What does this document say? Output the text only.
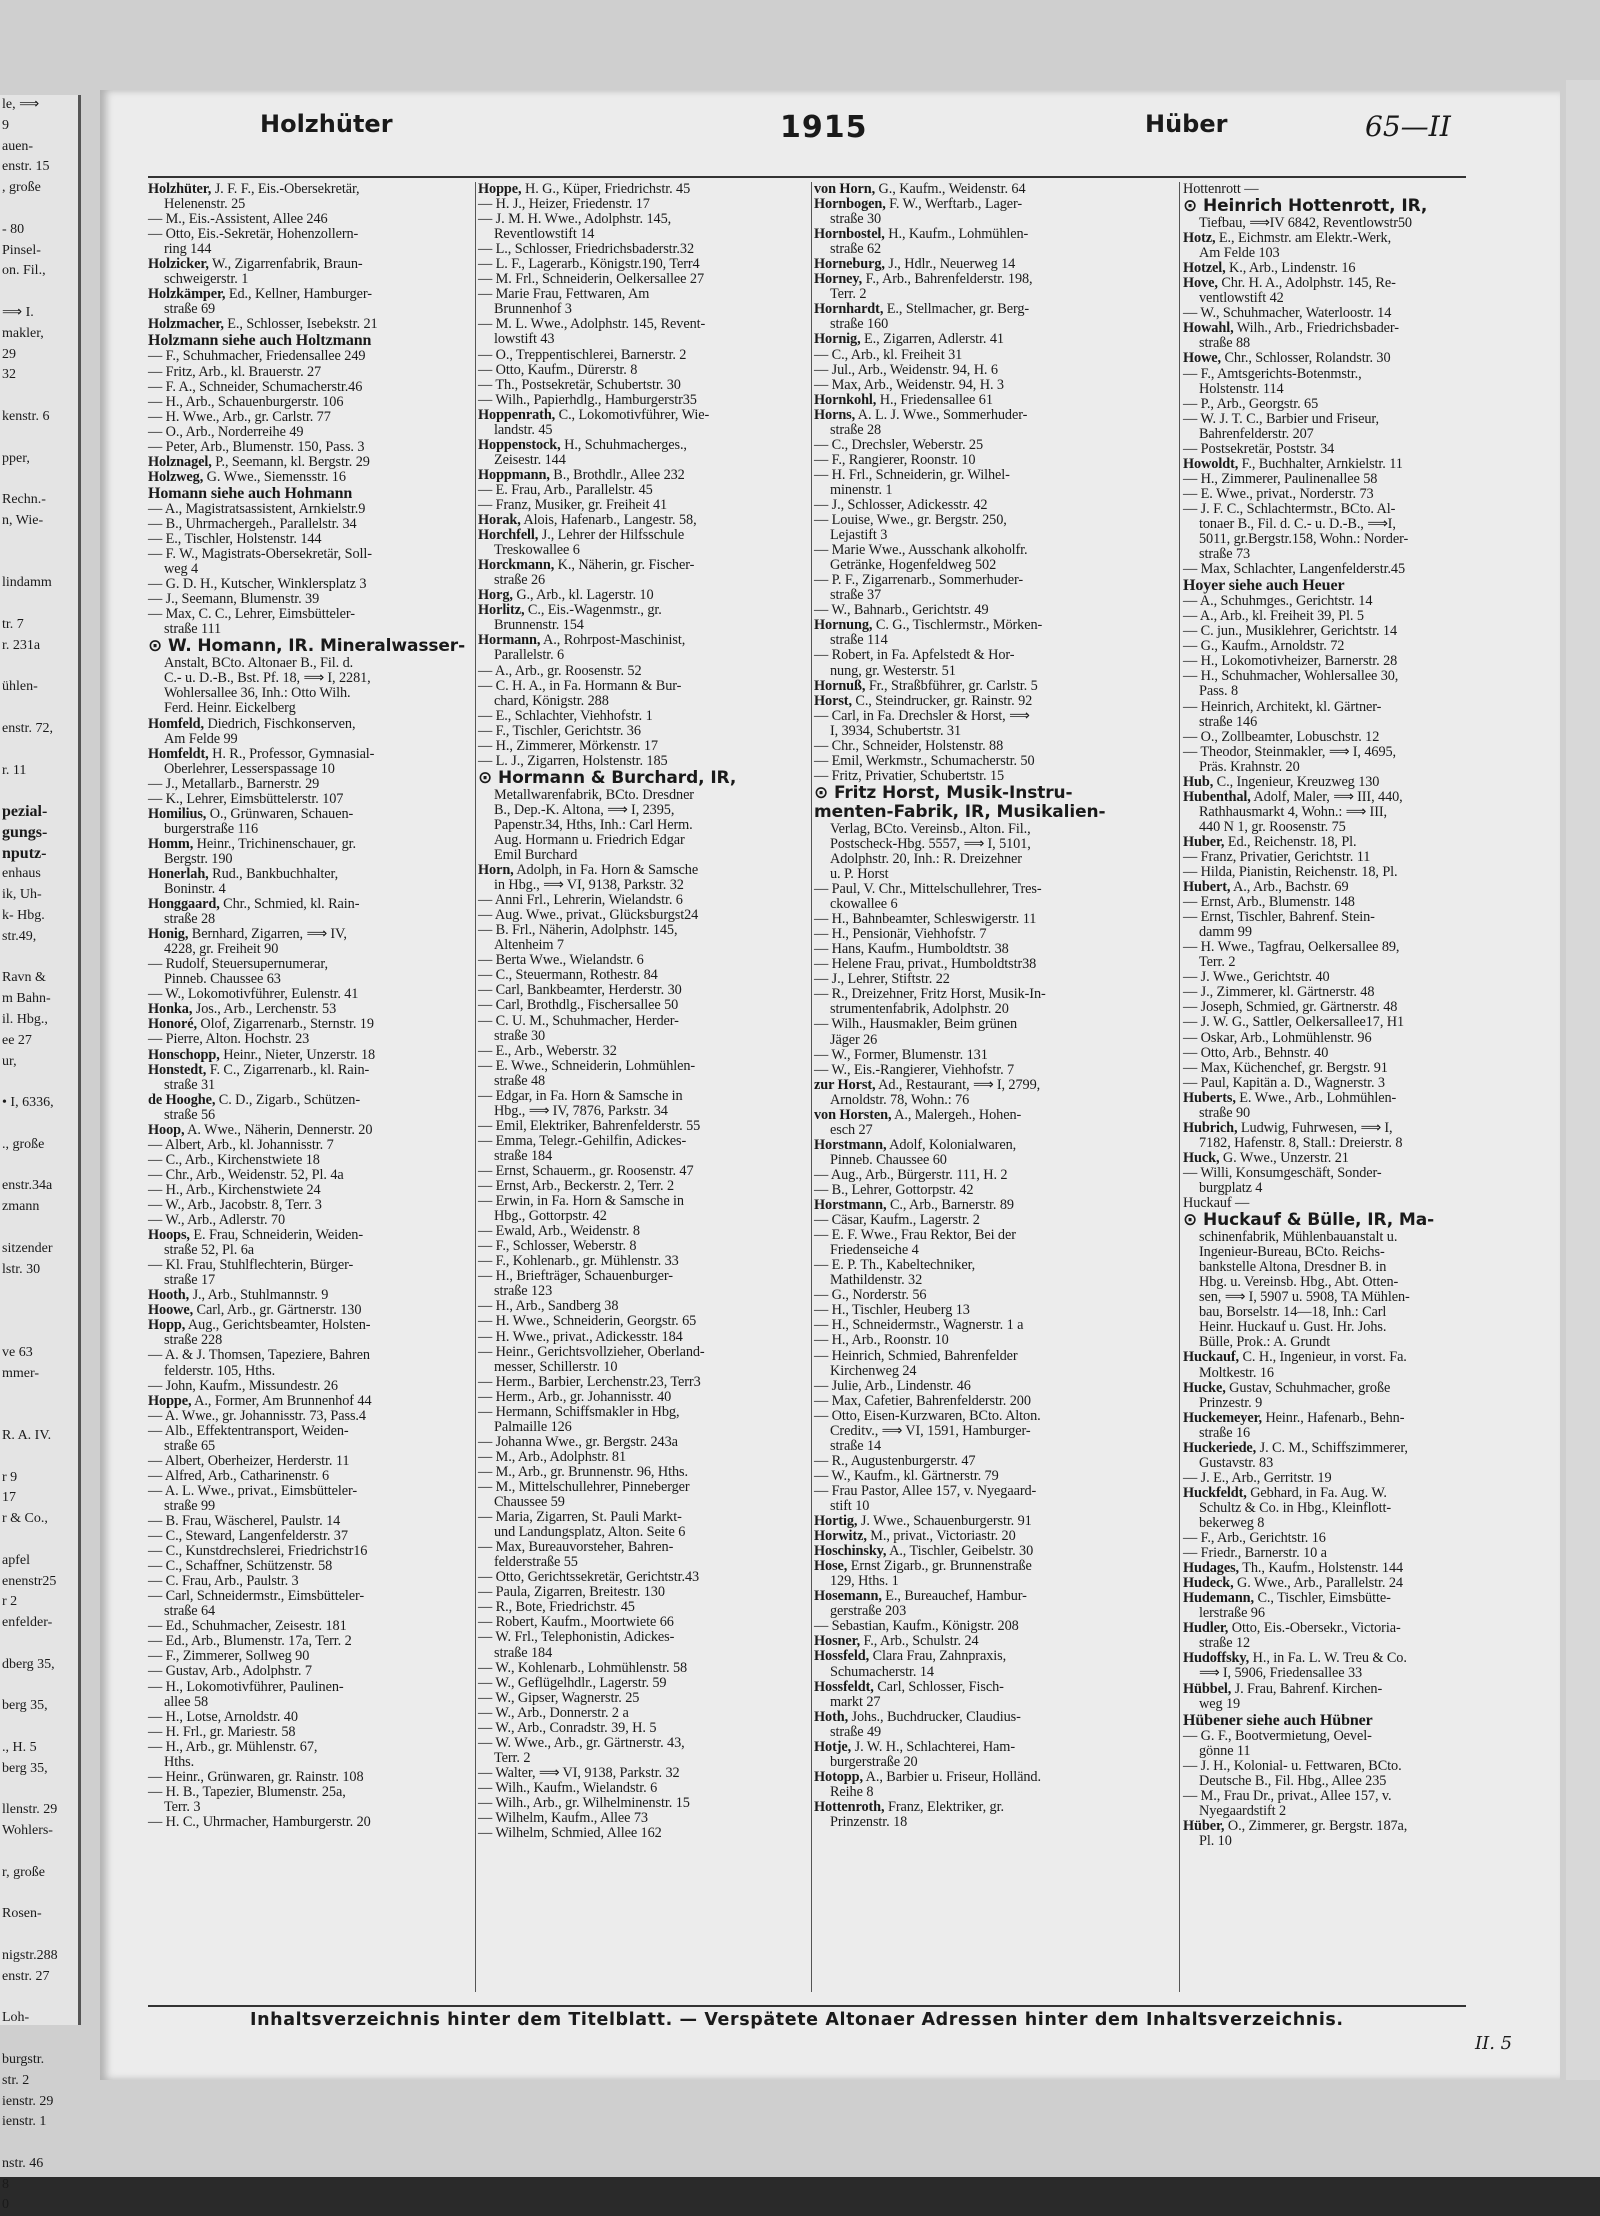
le, ⟹
9
auen-
enstr. 15
, große

- 80
Pinsel-
on. Fil.,

⟹ I.
makler,
29
32

kenstr. 6

pper,

Rechn.-
n, Wie-

lindamm

tr. 7
r. 231a

ühlen-

enstr. 72,

r. 11

pezial-
gungs-
nputz-
enhaus
ik, Uh-
k- Hbg.
str.49,

Ravn &
m Bahn-
il. Hbg.,
ee 27
ur,

• I, 6336,

., große

enstr.34a
zmann

sitzender
lstr. 30

ve 63
mmer-

R. A. IV.

r 9
17
r & Co.,

apfel
enenstr25
r 2
enfelder-

dberg 35,

berg 35,

., H. 5
berg 35,

llenstr. 29
Wohlers-

r, große

Rosen-

nigstr.288
enstr. 27

Loh-

burgstr.
str. 2
ienstr. 29
ienstr. 1

nstr. 46
8
0
Holzhüter	1915	Hüber	65—II
Holzhüter, J. F. F., Eis.-Obersekretär,
Helenenstr. 25
— M., Eis.-Assistent, Allee 246
— Otto, Eis.-Sekretär, Hohenzollern-
ring 144
Holzicker, W., Zigarrenfabrik, Braun-
schweigerstr. 1
Holzkämper, Ed., Kellner, Hamburger-
straße 69
Holzmacher, E., Schlosser, Isebekstr. 21
Holzmann siehe auch Holtzmann
— F., Schuhmacher, Friedensallee 249
— Fritz, Arb., kl. Brauerstr. 27
— F. A., Schneider, Schumacherstr.46
— H., Arb., Schauenburgerstr. 106
— H. Wwe., Arb., gr. Carlstr. 77
— O., Arb., Norderreihe 49
— Peter, Arb., Blumenstr. 150, Pass. 3
Holznagel, P., Seemann, kl. Bergstr. 29
Holzweg, G. Wwe., Siemensstr. 16
Homann siehe auch Hohmann
— A., Magistratsassistent, Arnkielstr.9
— B., Uhrmachergeh., Parallelstr. 34
— E., Tischler, Holstenstr. 144
— F. W., Magistrats-Obersekretär, Soll-
weg 4
— G. D. H., Kutscher, Winklersplatz 3
— J., Seemann, Blumenstr. 39
— Max, C. C., Lehrer, Eimsbütteler-
straße 111
⊙ W. Homann, IR. Mineralwasser-
Anstalt, BCto. Altonaer B., Fil. d.
C.- u. D.-B., Bst. Pf. 18, ⟹ I, 2281,
Wohlersallee 36, Inh.: Otto Wilh.
Ferd. Heinr. Eickelberg
Homfeld, Diedrich, Fischkonserven,
Am Felde 99
Homfeldt, H. R., Professor, Gymnasial-
Oberlehrer, Lesserspassage 10
— J., Metallarb., Barnerstr. 29
— K., Lehrer, Eimsbüttelerstr. 107
Homilius, O., Grünwaren, Schauen-
burgerstraße 116
Homm, Heinr., Trichinenschauer, gr.
Bergstr. 190
Honerlah, Rud., Bankbuchhalter,
Boninstr. 4
Honggaard, Chr., Schmied, kl. Rain-
straße 28
Honig, Bernhard, Zigarren, ⟹ IV,
4228, gr. Freiheit 90
— Rudolf, Steuersupernumerar,
Pinneb. Chaussee 63
— W., Lokomotivführer, Eulenstr. 41
Honka, Jos., Arb., Lerchenstr. 53
Honoré, Olof, Zigarrenarb., Sternstr. 19
— Pierre, Alton. Hochstr. 23
Honschopp, Heinr., Nieter, Unzerstr. 18
Honstedt, F. C., Zigarrenarb., kl. Rain-
straße 31
de Hooghe, C. D., Zigarb., Schützen-
straße 56
Hoop, A. Wwe., Näherin, Dennerstr. 20
— Albert, Arb., kl. Johannisstr. 7
— C., Arb., Kirchenstwiete 18
— Chr., Arb., Weidenstr. 52, Pl. 4a
— H., Arb., Kirchenstwiete 24
— W., Arb., Jacobstr. 8, Terr. 3
— W., Arb., Adlerstr. 70
Hoops, E. Frau, Schneiderin, Weiden-
straße 52, Pl. 6a
— Kl. Frau, Stuhlflechterin, Bürger-
straße 17
Hooth, J., Arb., Stuhlmannstr. 9
Hoowe, Carl, Arb., gr. Gärtnerstr. 130
Hopp, Aug., Gerichtsbeamter, Holsten-
straße 228
— A. & J. Thomsen, Tapeziere, Bahren
felderstr. 105, Hths.
— John, Kaufm., Missundestr. 26
Hoppe, A., Former, Am Brunnenhof 44
— A. Wwe., gr. Johannisstr. 73, Pass.4
— Alb., Effektentransport, Weiden-
straße 65
— Albert, Oberheizer, Herderstr. 11
— Alfred, Arb., Catharinenstr. 6
— A. L. Wwe., privat., Eimsbütteler-
straße 99
— B. Frau, Wäscherel, Paulstr. 14
— C., Steward, Langenfelderstr. 37
— C., Kunstdrechslerei, Friedrichstr16
— C., Schaffner, Schützenstr. 58
— C. Frau, Arb., Paulstr. 3
— Carl, Schneidermstr., Eimsbütteler-
straße 64
— Ed., Schuhmacher, Zeisestr. 181
— Ed., Arb., Blumenstr. 17a, Terr. 2
— F., Zimmerer, Sollweg 90
— Gustav, Arb., Adolphstr. 7
— H., Lokomotivführer, Paulinen-
allee 58
— H., Lotse, Arnoldstr. 40
— H. Frl., gr. Mariestr. 58
— H., Arb., gr. Mühlenstr. 67,
Hths.
— Heinr., Grünwaren, gr. Rainstr. 108
— H. B., Tapezier, Blumenstr. 25a,
Terr. 3
— H. C., Uhrmacher, Hamburgerstr. 20
Hoppe, H. G., Küper, Friedrichstr. 45
— H. J., Heizer, Friedenstr. 17
— J. M. H. Wwe., Adolphstr. 145,
Reventlowstift 14
— L., Schlosser, Friedrichsbaderstr.32
— L. F., Lagerarb., Königstr.190, Terr4
— M. Frl., Schneiderin, Oelkersallee 27
— Marie Frau, Fettwaren, Am
Brunnenhof 3
— M. L. Wwe., Adolphstr. 145, Revent-
lowstift 43
— O., Treppentischlerei, Barnerstr. 2
— Otto, Kaufm., Dürerstr. 8
— Th., Postsekretär, Schubertstr. 30
— Wilh., Papierhdlg., Hamburgerstr35
Hoppenrath, C., Lokomotivführer, Wie-
landstr. 45
Hoppenstock, H., Schuhmacherges.,
Zeisestr. 144
Hoppmann, B., Brothdlr., Allee 232
— E. Frau, Arb., Parallelstr. 45
— Franz, Musiker, gr. Freiheit 41
Horak, Alois, Hafenarb., Langestr. 58,
Horchfell, J., Lehrer der Hilfsschule
Treskowallee 6
Horckmann, K., Näherin, gr. Fischer-
straße 26
Horg, G., Arb., kl. Lagerstr. 10
Horlitz, C., Eis.-Wagenmstr., gr.
Brunnenstr. 154
Hormann, A., Rohrpost-Maschinist,
Parallelstr. 6
— A., Arb., gr. Roosenstr. 52
— C. H. A., in Fa. Hormann & Bur-
chard, Königstr. 288
— E., Schlachter, Viehhofstr. 1
— F., Tischler, Gerichtstr. 36
— H., Zimmerer, Mörkenstr. 17
— L. J., Zigarren, Holstenstr. 185
⊙ Hormann & Burchard, IR,
Metallwarenfabrik, BCto. Dresdner
B., Dep.-K. Altona, ⟹ I, 2395,
Papenstr.34, Hths, Inh.: Carl Herm.
Aug. Hormann u. Friedrich Edgar
Emil Burchard
Horn, Adolph, in Fa. Horn & Samsche
in Hbg., ⟹ VI, 9138, Parkstr. 32
— Anni Frl., Lehrerin, Wielandstr. 6
— Aug. Wwe., privat., Glücksburgst24
— B. Frl., Näherin, Adolphstr. 145,
Altenheim 7
— Berta Wwe., Wielandstr. 6
— C., Steuermann, Rothestr. 84
— Carl, Bankbeamter, Herderstr. 30
— Carl, Brothdlg., Fischersallee 50
— C. U. M., Schuhmacher, Herder-
straße 30
— E., Arb., Weberstr. 32
— E. Wwe., Schneiderin, Lohmühlen-
straße 48
— Edgar, in Fa. Horn & Samsche in
Hbg., ⟹ IV, 7876, Parkstr. 34
— Emil, Elektriker, Bahrenfelderstr. 55
— Emma, Telegr.-Gehilfin, Adickes-
straße 184
— Ernst, Schauerm., gr. Roosenstr. 47
— Ernst, Arb., Beckerstr. 2, Terr. 2
— Erwin, in Fa. Horn & Samsche in
Hbg., Gottorpstr. 42
— Ewald, Arb., Weidenstr. 8
— F., Schlosser, Weberstr. 8
— F., Kohlenarb., gr. Mühlenstr. 33
— H., Briefträger, Schauenburger-
straße 123
— H., Arb., Sandberg 38
— H. Wwe., Schneiderin, Georgstr. 65
— H. Wwe., privat., Adickesstr. 184
— Heinr., Gerichtsvollzieher, Oberland-
messer, Schillerstr. 10
— Herm., Barbier, Lerchenstr.23, Terr3
— Herm., Arb., gr. Johannisstr. 40
— Hermann, Schiffsmakler in Hbg,
Palmaille 126
— Johanna Wwe., gr. Bergstr. 243a
— M., Arb., Adolphstr. 81
— M., Arb., gr. Brunnenstr. 96, Hths.
— M., Mittelschullehrer, Pinneberger
Chaussee 59
— Maria, Zigarren, St. Pauli Markt-
und Landungsplatz, Alton. Seite 6
— Max, Bureauvorsteher, Bahren-
felderstraße 55
— Otto, Gerichtssekretär, Gerichtstr.43
— Paula, Zigarren, Breitestr. 130
— R., Bote, Friedrichstr. 45
— Robert, Kaufm., Moortwiete 66
— W. Frl., Telephonistin, Adickes-
straße 184
— W., Kohlenarb., Lohmühlenstr. 58
— W., Geflügelhdlr., Lagerstr. 59
— W., Gipser, Wagnerstr. 25
— W., Arb., Donnerstr. 2 a
— W., Arb., Conradstr. 39, H. 5
— W. Wwe., Arb., gr. Gärtnerstr. 43,
Terr. 2
— Walter, ⟹ VI, 9138, Parkstr. 32
— Wilh., Kaufm., Wielandstr. 6
— Wilh., Arb., gr. Wilhelminenstr. 15
— Wilhelm, Kaufm., Allee 73
— Wilhelm, Schmied, Allee 162
von Horn, G., Kaufm., Weidenstr. 64
Hornbogen, F. W., Werftarb., Lager-
straße 30
Hornbostel, H., Kaufm., Lohmühlen-
straße 62
Horneburg, J., Hdlr., Neuerweg 14
Horney, F., Arb., Bahrenfelderstr. 198,
Terr. 2
Hornhardt, E., Stellmacher, gr. Berg-
straße 160
Hornig, E., Zigarren, Adlerstr. 41
— C., Arb., kl. Freiheit 31
— Jul., Arb., Weidenstr. 94, H. 6
— Max, Arb., Weidenstr. 94, H. 3
Hornkohl, H., Friedensallee 61
Horns, A. L. J. Wwe., Sommerhuder-
straße 28
— C., Drechsler, Weberstr. 25
— F., Rangierer, Roonstr. 10
— H. Frl., Schneiderin, gr. Wilhel-
minenstr. 1
— J., Schlosser, Adickesstr. 42
— Louise, Wwe., gr. Bergstr. 250,
Lejastift 3
— Marie Wwe., Ausschank alkoholfr.
Getränke, Hogenfeldweg 502
— P. F., Zigarrenarb., Sommerhuder-
straße 37
— W., Bahnarb., Gerichtstr. 49
Hornung, C. G., Tischlermstr., Mörken-
straße 114
— Robert, in Fa. Apfelstedt & Hor-
nung, gr. Westerstr. 51
Hornuß, Fr., Straßbführer, gr. Carlstr. 5
Horst, C., Steindrucker, gr. Rainstr. 92
— Carl, in Fa. Drechsler & Horst, ⟹
I, 3934, Schubertstr. 31
— Chr., Schneider, Holstenstr. 88
— Emil, Werkmstr., Schumacherstr. 50
— Fritz, Privatier, Schubertstr. 15
⊙ Fritz Horst, Musik-Instru-
menten-Fabrik, IR, Musikalien-
Verlag, BCto. Vereinsb., Alton. Fil.,
Postscheck-Hbg. 5557, ⟹ I, 5101,
Adolphstr. 20, Inh.: R. Dreizehner
u. P. Horst
— Paul, V. Chr., Mittelschullehrer, Tres-
ckowallee 6
— H., Bahnbeamter, Schleswigerstr. 11
— H., Pensionär, Viehhofstr. 7
— Hans, Kaufm., Humboldtstr. 38
— Helene Frau, privat., Humboldtstr38
— J., Lehrer, Stiftstr. 22
— R., Dreizehner, Fritz Horst, Musik-In-
strumentenfabrik, Adolphstr. 20
— Wilh., Hausmakler, Beim grünen
Jäger 26
— W., Former, Blumenstr. 131
— W., Eis.-Rangierer, Viehhofstr. 7
zur Horst, Ad., Restaurant, ⟹ I, 2799,
Arnoldstr. 78, Wohn.: 76
von Horsten, A., Malergeh., Hohen-
esch 27
Horstmann, Adolf, Kolonialwaren,
Pinneb. Chaussee 60
— Aug., Arb., Bürgerstr. 111, H. 2
— B., Lehrer, Gottorpstr. 42
Horstmann, C., Arb., Barnerstr. 89
— Cäsar, Kaufm., Lagerstr. 2
— E. F. Wwe., Frau Rektor, Bei der
Friedenseiche 4
— E. P. Th., Kabeltechniker,
Mathildenstr. 32
— G., Norderstr. 56
— H., Tischler, Heuberg 13
— H., Schneidermstr., Wagnerstr. 1 a
— H., Arb., Roonstr. 10
— Heinrich, Schmied, Bahrenfelder
Kirchenweg 24
— Julie, Arb., Lindenstr. 46
— Max, Cafetier, Bahrenfelderstr. 200
— Otto, Eisen-Kurzwaren, BCto. Alton.
Creditv., ⟹ VI, 1591, Hamburger-
straße 14
— R., Augustenburgerstr. 47
— W., Kaufm., kl. Gärtnerstr. 79
— Frau Pastor, Allee 157, v. Nyegaard-
stift 10
Hortig, J. Wwe., Schauenburgerstr. 91
Horwitz, M., privat., Victoriastr. 20
Hoschinsky, A., Tischler, Geibelstr. 30
Hose, Ernst Zigarb., gr. Brunnenstraße
129, Hths. 1
Hosemann, E., Bureauchef, Hambur-
gerstraße 203
— Sebastian, Kaufm., Königstr. 208
Hosner, F., Arb., Schulstr. 24
Hossfeld, Clara Frau, Zahnpraxis,
Schumacherstr. 14
Hossfeldt, Carl, Schlosser, Fisch-
markt 27
Hoth, Johs., Buchdrucker, Claudius-
straße 49
Hotje, J. W. H., Schlachterei, Ham-
burgerstraße 20
Hotopp, A., Barbier u. Friseur, Holländ.
Reihe 8
Hottenroth, Franz, Elektriker, gr.
Prinzenstr. 18
Hottenrott —
⊙ Heinrich Hottenrott, IR,
Tiefbau, ⟹IV 6842, Reventlowstr50
Hotz, E., Eichmstr. am Elektr.-Werk,
Am Felde 103
Hotzel, K., Arb., Lindenstr. 16
Hove, Chr. H. A., Adolphstr. 145, Re-
ventlowstift 42
— W., Schuhmacher, Waterloostr. 14
Howahl, Wilh., Arb., Friedrichsbader-
straße 88
Howe, Chr., Schlosser, Rolandstr. 30
— F., Amtsgerichts-Botenmstr.,
Holstenstr. 114
— P., Arb., Georgstr. 65
— W. J. T. C., Barbier und Friseur,
Bahrenfelderstr. 207
— Postsekretär, Poststr. 34
Howoldt, F., Buchhalter, Arnkielstr. 11
— H., Zimmerer, Paulinenallee 58
— E. Wwe., privat., Norderstr. 73
— J. F. C., Schlachtermstr., BCto. Al-
tonaer B., Fil. d. C.- u. D.-B., ⟹I,
5011, gr.Bergstr.158, Wohn.: Norder-
straße 73
— Max, Schlachter, Langenfelderstr.45
Hoyer siehe auch Heuer
— A., Schuhmges., Gerichtstr. 14
— A., Arb., kl. Freiheit 39, Pl. 5
— C. jun., Musiklehrer, Gerichtstr. 14
— G., Kaufm., Arnoldstr. 72
— H., Lokomotivheizer, Barnerstr. 28
— H., Schuhmacher, Wohlersallee 30,
Pass. 8
— Heinrich, Architekt, kl. Gärtner-
straße 146
— O., Zollbeamter, Lobuschstr. 12
— Theodor, Steinmakler, ⟹ I, 4695,
Präs. Krahnstr. 20
Hub, C., Ingenieur, Kreuzweg 130
Hubenthal, Adolf, Maler, ⟹ III, 440,
Rathhausmarkt 4, Wohn.: ⟹ III,
440 N 1, gr. Roosenstr. 75
Huber, Ed., Reichenstr. 18, Pl.
— Franz, Privatier, Gerichtstr. 11
— Hilda, Pianistin, Reichenstr. 18, Pl.
Hubert, A., Arb., Bachstr. 69
— Ernst, Arb., Blumenstr. 148
— Ernst, Tischler, Bahrenf. Stein-
damm 99
— H. Wwe., Tagfrau, Oelkersallee 89,
Terr. 2
— J. Wwe., Gerichtstr. 40
— J., Zimmerer, kl. Gärtnerstr. 48
— Joseph, Schmied, gr. Gärtnerstr. 48
— J. W. G., Sattler, Oelkersallee17, H1
— Oskar, Arb., Lohmühlenstr. 96
— Otto, Arb., Behnstr. 40
— Max, Küchenchef, gr. Bergstr. 91
— Paul, Kapitän a. D., Wagnerstr. 3
Huberts, E. Wwe., Arb., Lohmühlen-
straße 90
Hubrich, Ludwig, Fuhrwesen, ⟹ I,
7182, Hafenstr. 8, Stall.: Dreierstr. 8
Huck, G. Wwe., Unzerstr. 21
— Willi, Konsumgeschäft, Sonder-
burgplatz 4
Huckauf —
⊙ Huckauf & Bülle, IR, Ma-
schinenfabrik, Mühlenbauanstalt u.
Ingenieur-Bureau, BCto. Reichs-
bankstelle Altona, Dresdner B. in
Hbg. u. Vereinsb. Hbg., Abt. Otten-
sen, ⟹ I, 5907 u. 5908, TA Mühlen-
bau, Borselstr. 14—18, Inh.: Carl
Heinr. Huckauf u. Gust. Hr. Johs.
Bülle, Prok.: A. Grundt
Huckauf, C. H., Ingenieur, in vorst. Fa.
Moltkestr. 16
Hucke, Gustav, Schuhmacher, große
Prinzestr. 9
Huckemeyer, Heinr., Hafenarb., Behn-
straße 16
Huckeriede, J. C. M., Schiffszimmerer,
Gustavstr. 83
— J. E., Arb., Gerritstr. 19
Huckfeldt, Gebhard, in Fa. Aug. W.
Schultz & Co. in Hbg., Kleinflott-
bekerweg 8
— F., Arb., Gerichtstr. 16
— Friedr., Barnerstr. 10 a
Hudages, Th., Kaufm., Holstenstr. 144
Hudeck, G. Wwe., Arb., Parallelstr. 24
Hudemann, C., Tischler, Eimsbütte-
lerstraße 96
Hudler, Otto, Eis.-Obersekr., Victoria-
straße 12
Hudoffsky, H., in Fa. L. W. Treu & Co.
⟹ I, 5906, Friedensallee 33
Hübbel, J. Frau, Bahrenf. Kirchen-
weg 19
Hübener siehe auch Hübner
— G. F., Bootvermietung, Oevel-
gönne 11
— J. H., Kolonial- u. Fettwaren, BCto.
Deutsche B., Fil. Hbg., Allee 235
— M., Frau Dr., privat., Allee 157, v.
Nyegaardstift 2
Hüber, O., Zimmerer, gr. Bergstr. 187a,
Pl. 10
Inhaltsverzeichnis hinter dem Titelblatt. — Verspätete Altonaer Adressen hinter dem Inhaltsverzeichnis.
II. 5
